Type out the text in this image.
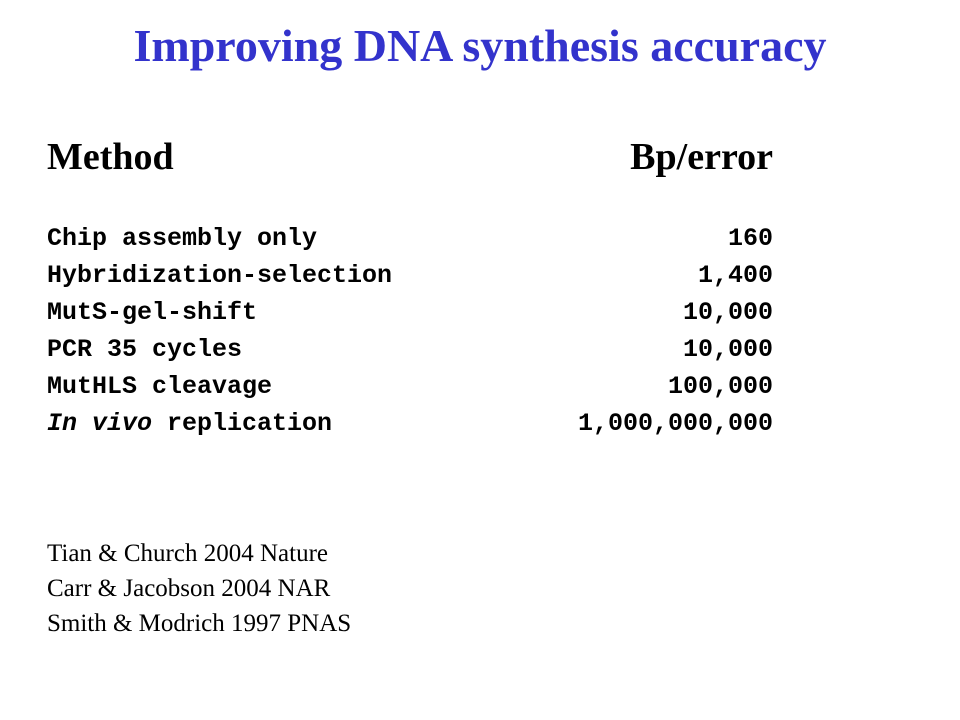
Improving DNA synthesis accuracy
Method	Bp/error
Chip assembly only	160
Hybridization-selection	1,400
MutS-gel-shift	10,000
PCR 35 cycles	10,000
MutHLS cleavage	100,000
In vivo replication	1,000,000,000
Tian & Church 2004 Nature
Carr & Jacobson 2004 NAR
Smith & Modrich 1997 PNAS
